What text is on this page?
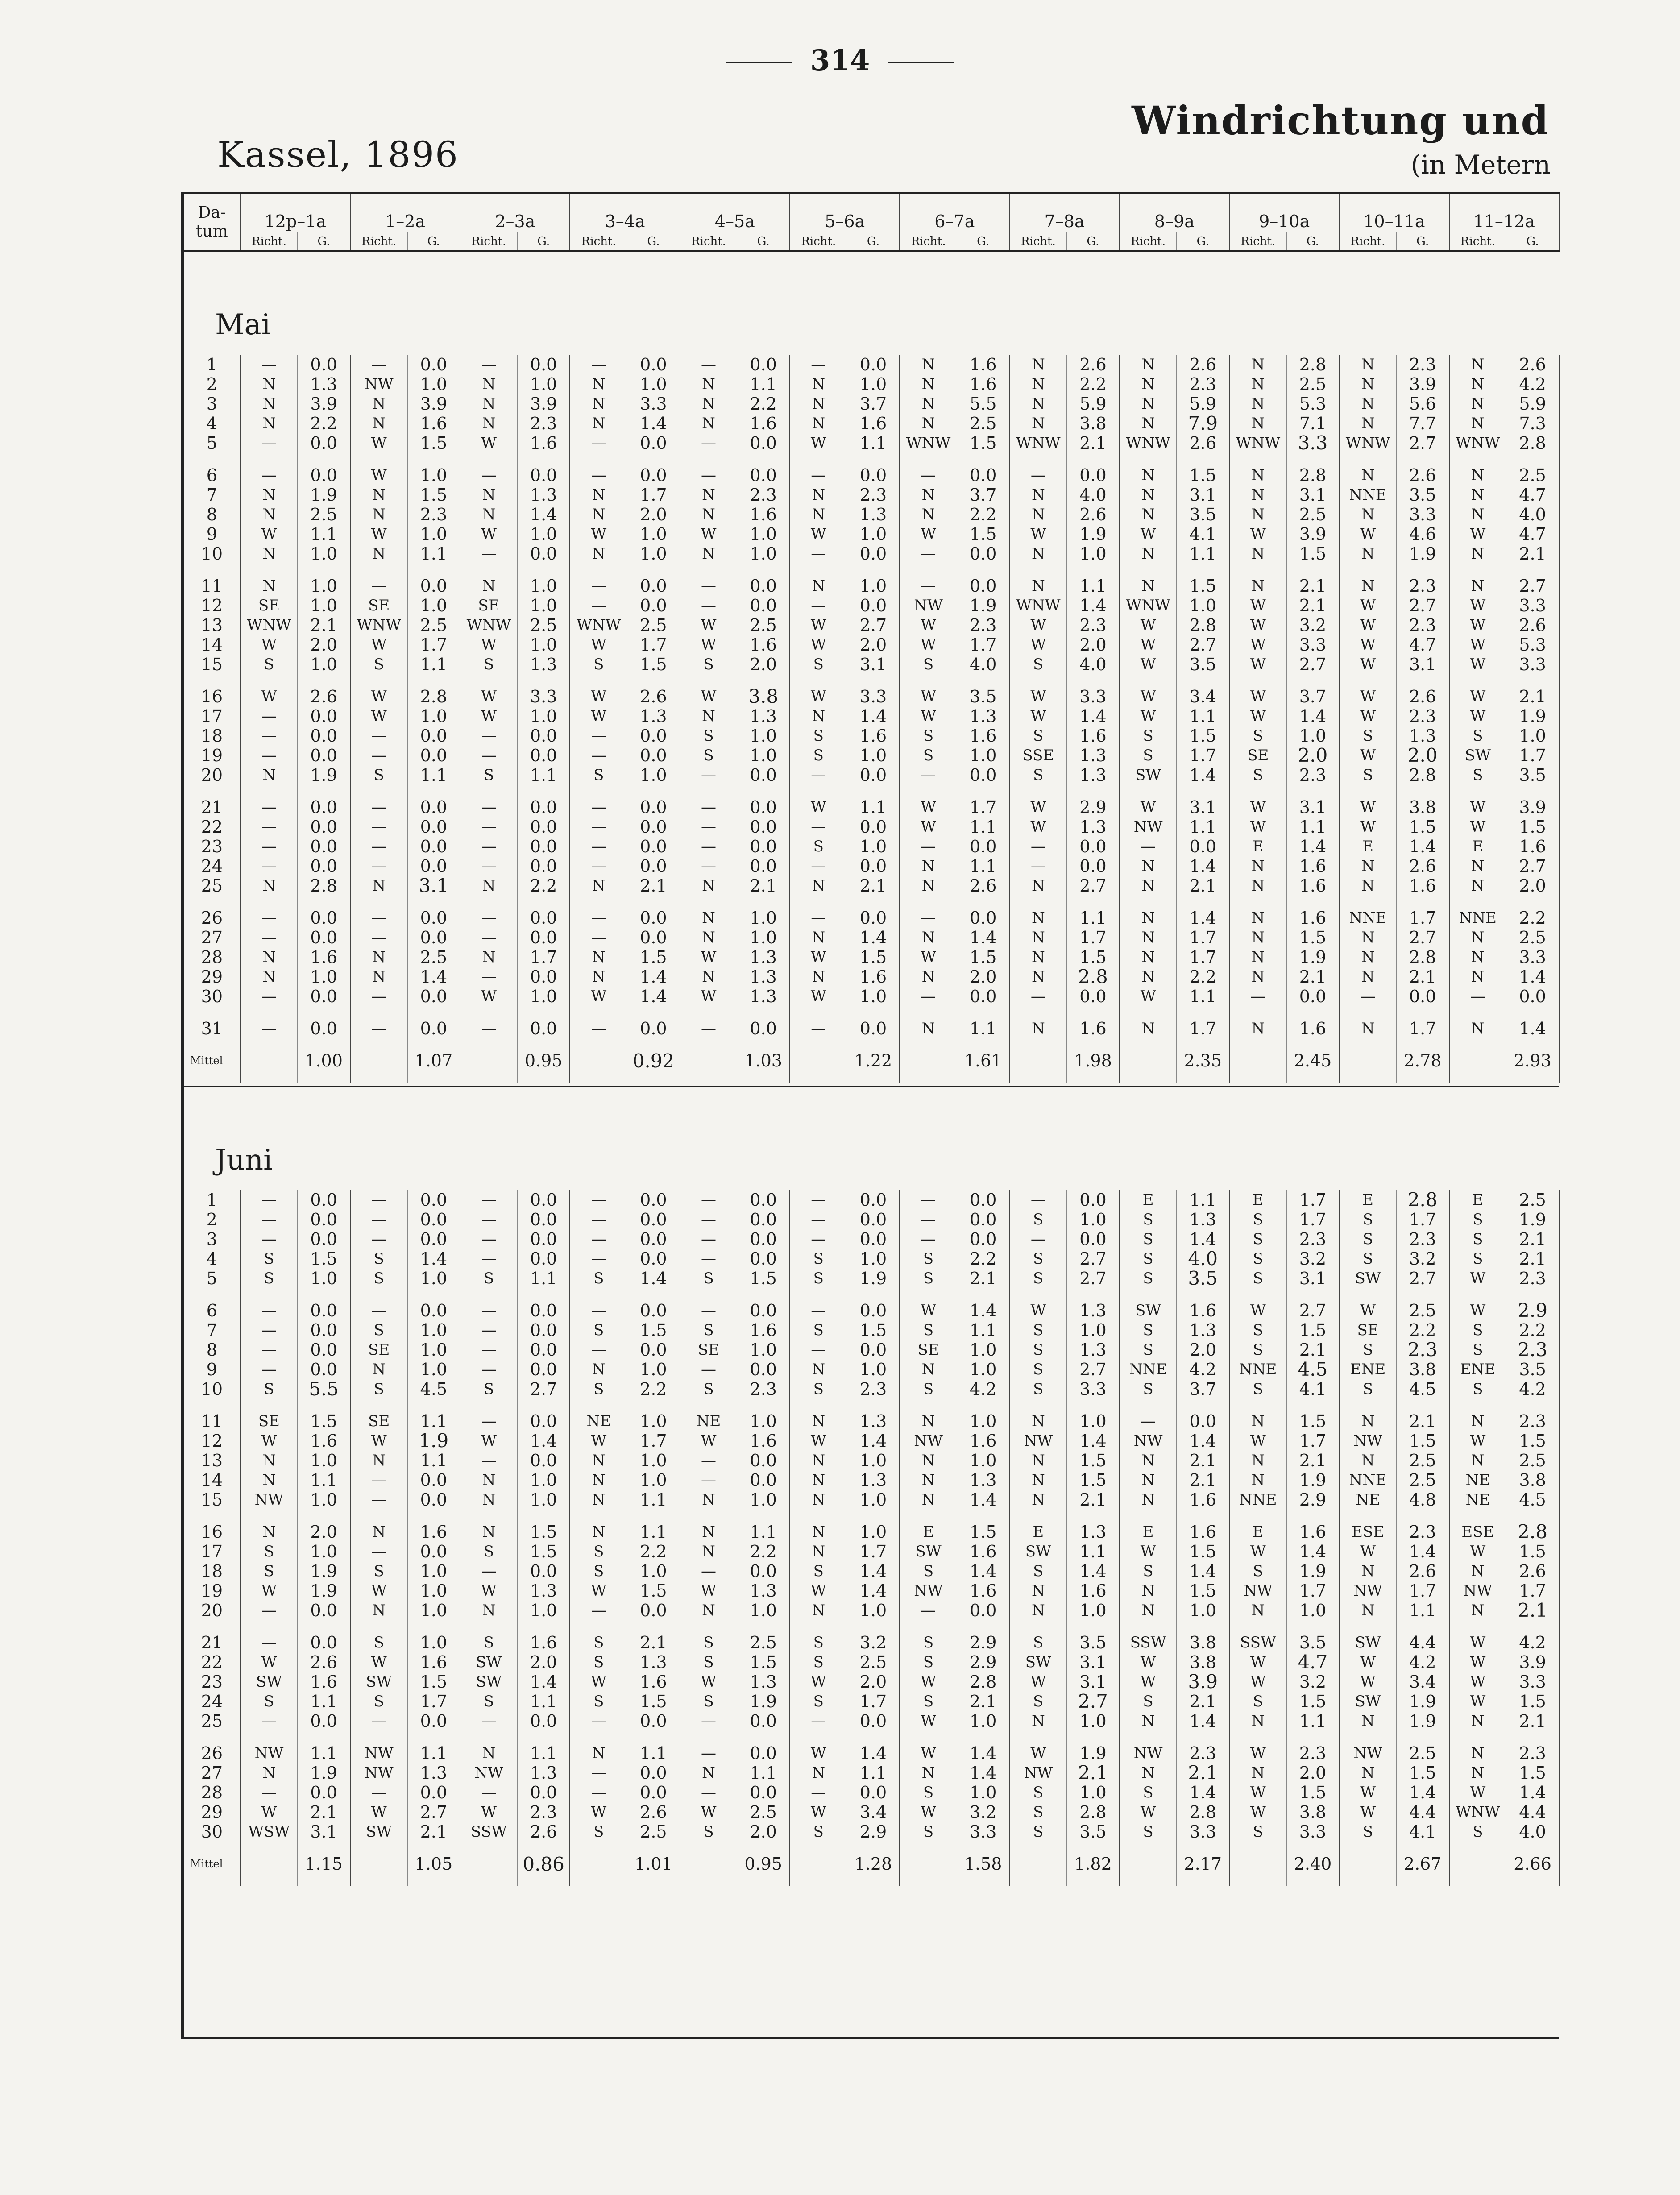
314
Windrichtung und
(in Metern
Kassel, 1896
Da-
tum	12p–1a		1–2a		2–3a		3–4a		4–5a		5–6a		6–7a		7–8a		8–9a		9–10a		10–11a		11–12a	
	Richt.	G.	Richt.	G.	Richt.	G.	Richt.	G.	Richt.	G.	Richt.	G.	Richt.	G.	Richt.	G.	Richt.	G.	Richt.	G.	Richt.	G.	Richt.	G.
Mai																								
1	—	0.0	—	0.0	—	0.0	—	0.0	—	0.0	—	0.0	N	1.6	N	2.6	N	2.6	N	2.8	N	2.3	N	2.6
2	N	1.3	NW	1.0	N	1.0	N	1.0	N	1.1	N	1.0	N	1.6	N	2.2	N	2.3	N	2.5	N	3.9	N	4.2
3	N	3.9	N	3.9	N	3.9	N	3.3	N	2.2	N	3.7	N	5.5	N	5.9	N	5.9	N	5.3	N	5.6	N	5.9
4	N	2.2	N	1.6	N	2.3	N	1.4	N	1.6	N	1.6	N	2.5	N	3.8	N	7.9	N	7.1	N	7.7	N	7.3
5	—	0.0	W	1.5	W	1.6	—	0.0	—	0.0	W	1.1	WNW	1.5	WNW	2.1	WNW	2.6	WNW	3.3	WNW	2.7	WNW	2.8

6	—	0.0	W	1.0	—	0.0	—	0.0	—	0.0	—	0.0	—	0.0	—	0.0	N	1.5	N	2.8	N	2.6	N	2.5
7	N	1.9	N	1.5	N	1.3	N	1.7	N	2.3	N	2.3	N	3.7	N	4.0	N	3.1	N	3.1	NNE	3.5	N	4.7
8	N	2.5	N	2.3	N	1.4	N	2.0	N	1.6	N	1.3	N	2.2	N	2.6	N	3.5	N	2.5	N	3.3	N	4.0
9	W	1.1	W	1.0	W	1.0	W	1.0	W	1.0	W	1.0	W	1.5	W	1.9	W	4.1	W	3.9	W	4.6	W	4.7
10	N	1.0	N	1.1	—	0.0	N	1.0	N	1.0	—	0.0	—	0.0	N	1.0	N	1.1	N	1.5	N	1.9	N	2.1

11	N	1.0	—	0.0	N	1.0	—	0.0	—	0.0	N	1.0	—	0.0	N	1.1	N	1.5	N	2.1	N	2.3	N	2.7
12	SE	1.0	SE	1.0	SE	1.0	—	0.0	—	0.0	—	0.0	NW	1.9	WNW	1.4	WNW	1.0	W	2.1	W	2.7	W	3.3
13	WNW	2.1	WNW	2.5	WNW	2.5	WNW	2.5	W	2.5	W	2.7	W	2.3	W	2.3	W	2.8	W	3.2	W	2.3	W	2.6
14	W	2.0	W	1.7	W	1.0	W	1.7	W	1.6	W	2.0	W	1.7	W	2.0	W	2.7	W	3.3	W	4.7	W	5.3
15	S	1.0	S	1.1	S	1.3	S	1.5	S	2.0	S	3.1	S	4.0	S	4.0	W	3.5	W	2.7	W	3.1	W	3.3

16	W	2.6	W	2.8	W	3.3	W	2.6	W	3.8	W	3.3	W	3.5	W	3.3	W	3.4	W	3.7	W	2.6	W	2.1
17	—	0.0	W	1.0	W	1.0	W	1.3	N	1.3	N	1.4	W	1.3	W	1.4	W	1.1	W	1.4	W	2.3	W	1.9
18	—	0.0	—	0.0	—	0.0	—	0.0	S	1.0	S	1.6	S	1.6	S	1.6	S	1.5	S	1.0	S	1.3	S	1.0
19	—	0.0	—	0.0	—	0.0	—	0.0	S	1.0	S	1.0	S	1.0	SSE	1.3	S	1.7	SE	2.0	W	2.0	SW	1.7
20	N	1.9	S	1.1	S	1.1	S	1.0	—	0.0	—	0.0	—	0.0	S	1.3	SW	1.4	S	2.3	S	2.8	S	3.5

21	—	0.0	—	0.0	—	0.0	—	0.0	—	0.0	W	1.1	W	1.7	W	2.9	W	3.1	W	3.1	W	3.8	W	3.9
22	—	0.0	—	0.0	—	0.0	—	0.0	—	0.0	—	0.0	W	1.1	W	1.3	NW	1.1	W	1.1	W	1.5	W	1.5
23	—	0.0	—	0.0	—	0.0	—	0.0	—	0.0	S	1.0	—	0.0	—	0.0	—	0.0	E	1.4	E	1.4	E	1.6
24	—	0.0	—	0.0	—	0.0	—	0.0	—	0.0	—	0.0	N	1.1	—	0.0	N	1.4	N	1.6	N	2.6	N	2.7
25	N	2.8	N	3.1	N	2.2	N	2.1	N	2.1	N	2.1	N	2.6	N	2.7	N	2.1	N	1.6	N	1.6	N	2.0

26	—	0.0	—	0.0	—	0.0	—	0.0	N	1.0	—	0.0	—	0.0	N	1.1	N	1.4	N	1.6	NNE	1.7	NNE	2.2
27	—	0.0	—	0.0	—	0.0	—	0.0	N	1.0	N	1.4	N	1.4	N	1.7	N	1.7	N	1.5	N	2.7	N	2.5
28	N	1.6	N	2.5	N	1.7	N	1.5	W	1.3	W	1.5	W	1.5	N	1.5	N	1.7	N	1.9	N	2.8	N	3.3
29	N	1.0	N	1.4	—	0.0	N	1.4	N	1.3	N	1.6	N	2.0	N	2.8	N	2.2	N	2.1	N	2.1	N	1.4
30	—	0.0	—	0.0	W	1.0	W	1.4	W	1.3	W	1.0	—	0.0	—	0.0	W	1.1	—	0.0	—	0.0	—	0.0

31	—	0.0	—	0.0	—	0.0	—	0.0	—	0.0	—	0.0	N	1.1	N	1.6	N	1.7	N	1.6	N	1.7	N	1.4
Mittel		1.00		1.07		0.95		0.92		1.03		1.22		1.61		1.98		2.35		2.45		2.78		2.93

Juni																								
1	—	0.0	—	0.0	—	0.0	—	0.0	—	0.0	—	0.0	—	0.0	—	0.0	E	1.1	E	1.7	E	2.8	E	2.5
2	—	0.0	—	0.0	—	0.0	—	0.0	—	0.0	—	0.0	—	0.0	S	1.0	S	1.3	S	1.7	S	1.7	S	1.9
3	—	0.0	—	0.0	—	0.0	—	0.0	—	0.0	—	0.0	—	0.0	—	0.0	S	1.4	S	2.3	S	2.3	S	2.1
4	S	1.5	S	1.4	—	0.0	—	0.0	—	0.0	S	1.0	S	2.2	S	2.7	S	4.0	S	3.2	S	3.2	S	2.1
5	S	1.0	S	1.0	S	1.1	S	1.4	S	1.5	S	1.9	S	2.1	S	2.7	S	3.5	S	3.1	SW	2.7	W	2.3

6	—	0.0	—	0.0	—	0.0	—	0.0	—	0.0	—	0.0	W	1.4	W	1.3	SW	1.6	W	2.7	W	2.5	W	2.9
7	—	0.0	S	1.0	—	0.0	S	1.5	S	1.6	S	1.5	S	1.1	S	1.0	S	1.3	S	1.5	SE	2.2	S	2.2
8	—	0.0	SE	1.0	—	0.0	—	0.0	SE	1.0	—	0.0	SE	1.0	S	1.3	S	2.0	S	2.1	S	2.3	S	2.3
9	—	0.0	N	1.0	—	0.0	N	1.0	—	0.0	N	1.0	N	1.0	S	2.7	NNE	4.2	NNE	4.5	ENE	3.8	ENE	3.5
10	S	5.5	S	4.5	S	2.7	S	2.2	S	2.3	S	2.3	S	4.2	S	3.3	S	3.7	S	4.1	S	4.5	S	4.2

11	SE	1.5	SE	1.1	—	0.0	NE	1.0	NE	1.0	N	1.3	N	1.0	N	1.0	—	0.0	N	1.5	N	2.1	N	2.3
12	W	1.6	W	1.9	W	1.4	W	1.7	W	1.6	W	1.4	NW	1.6	NW	1.4	NW	1.4	W	1.7	NW	1.5	W	1.5
13	N	1.0	N	1.1	—	0.0	N	1.0	—	0.0	N	1.0	N	1.0	N	1.5	N	2.1	N	2.1	N	2.5	N	2.5
14	N	1.1	—	0.0	N	1.0	N	1.0	—	0.0	N	1.3	N	1.3	N	1.5	N	2.1	N	1.9	NNE	2.5	NE	3.8
15	NW	1.0	—	0.0	N	1.0	N	1.1	N	1.0	N	1.0	N	1.4	N	2.1	N	1.6	NNE	2.9	NE	4.8	NE	4.5

16	N	2.0	N	1.6	N	1.5	N	1.1	N	1.1	N	1.0	E	1.5	E	1.3	E	1.6	E	1.6	ESE	2.3	ESE	2.8
17	S	1.0	—	0.0	S	1.5	S	2.2	N	2.2	N	1.7	SW	1.6	SW	1.1	W	1.5	W	1.4	W	1.4	W	1.5
18	S	1.9	S	1.0	—	0.0	S	1.0	—	0.0	S	1.4	S	1.4	S	1.4	S	1.4	S	1.9	N	2.6	N	2.6
19	W	1.9	W	1.0	W	1.3	W	1.5	W	1.3	W	1.4	NW	1.6	N	1.6	N	1.5	NW	1.7	NW	1.7	NW	1.7
20	—	0.0	N	1.0	N	1.0	—	0.0	N	1.0	N	1.0	—	0.0	N	1.0	N	1.0	N	1.0	N	1.1	N	2.1

21	—	0.0	S	1.0	S	1.6	S	2.1	S	2.5	S	3.2	S	2.9	S	3.5	SSW	3.8	SSW	3.5	SW	4.4	W	4.2
22	W	2.6	W	1.6	SW	2.0	S	1.3	S	1.5	S	2.5	S	2.9	SW	3.1	W	3.8	W	4.7	W	4.2	W	3.9
23	SW	1.6	SW	1.5	SW	1.4	W	1.6	W	1.3	W	2.0	W	2.8	W	3.1	W	3.9	W	3.2	W	3.4	W	3.3
24	S	1.1	S	1.7	S	1.1	S	1.5	S	1.9	S	1.7	S	2.1	S	2.7	S	2.1	S	1.5	SW	1.9	W	1.5
25	—	0.0	—	0.0	—	0.0	—	0.0	—	0.0	—	0.0	W	1.0	N	1.0	N	1.4	N	1.1	N	1.9	N	2.1

26	NW	1.1	NW	1.1	N	1.1	N	1.1	—	0.0	W	1.4	W	1.4	W	1.9	NW	2.3	W	2.3	NW	2.5	N	2.3
27	N	1.9	NW	1.3	NW	1.3	—	0.0	N	1.1	N	1.1	N	1.4	NW	2.1	N	2.1	N	2.0	N	1.5	N	1.5
28	—	0.0	—	0.0	—	0.0	—	0.0	—	0.0	—	0.0	S	1.0	S	1.0	S	1.4	W	1.5	W	1.4	W	1.4
29	W	2.1	W	2.7	W	2.3	W	2.6	W	2.5	W	3.4	W	3.2	S	2.8	W	2.8	W	3.8	W	4.4	WNW	4.4
30	WSW	3.1	SW	2.1	SSW	2.6	S	2.5	S	2.0	S	2.9	S	3.3	S	3.5	S	3.3	S	3.3	S	4.1	S	4.0
Mittel		1.15		1.05		0.86		1.01		0.95		1.28		1.58		1.82		2.17		2.40		2.67		2.66
